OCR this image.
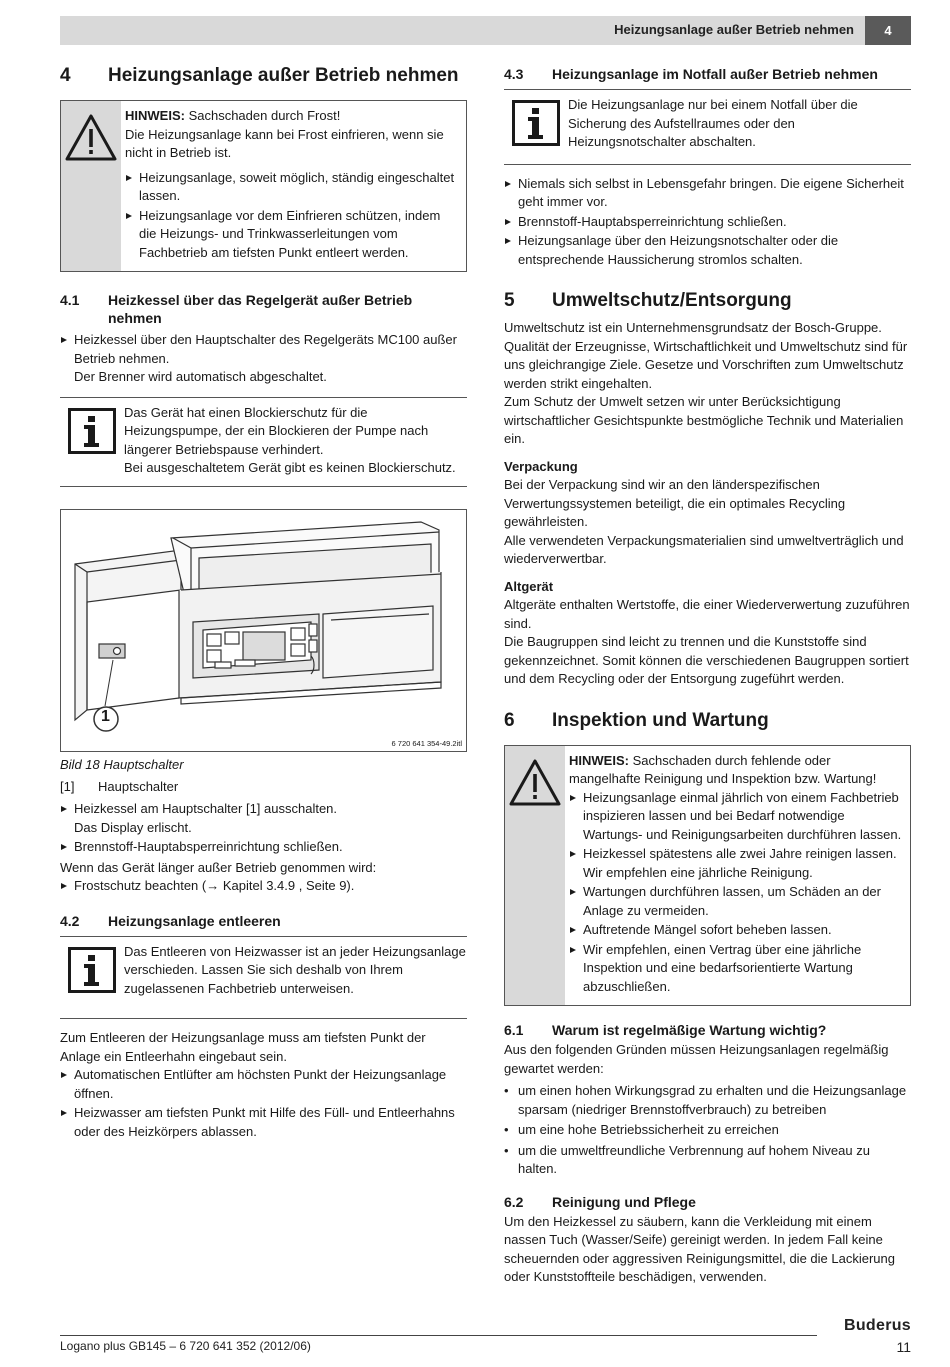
Heizungsanlage außer Betrieb nehmen	4
4	Heizungsanlage außer Betrieb nehmen

HINWEIS: Sachschaden durch Frost!

Die Heizungsanlage kann bei Frost einfrieren, wenn sie nicht in Betrieb ist.

Heizungsanlage, soweit möglich, ständig eingeschaltet lassen.
Heizungsanlage vor dem Einfrieren schützen, indem die Heizungs- und Trinkwasserleitungen vom Fachbetrieb am tiefsten Punkt entleert werden.
4.1	Heizkessel über das Regelgerät außer Betrieb nehmen
Heizkessel über den Hauptschalter des Regelgeräts MC100 außer Betrieb nehmen.
Der Brenner wird automatisch abgeschaltet.

Das Gerät hat einen Blockierschutz für die Heizungspumpe, der ein Blockieren der Pumpe nach längerer Betriebspause verhindert.

Bei ausgeschaltetem Gerät gibt es keinen Blockierschutz.

1
6 720 641 354-49.2itl
Bild 18 Hauptschalter
[1]	Hauptschalter
Heizkessel am Hauptschalter [1] ausschalten.
Das Display erlischt.
Brennstoff-Hauptabsperreinrichtung schließen.

Wenn das Gerät länger außer Betrieb genommen wird:

Frostschutz beachten (→ Kapitel 3.4.9 , Seite 9).
4.2	Heizungsanlage entleeren

Das Entleeren von Heizwasser ist an jeder Heizungsanlage verschieden. Lassen Sie sich deshalb von Ihrem zugelassenen Fachbetrieb unterweisen.

Zum Entleeren der Heizungsanlage muss am tiefsten Punkt der Anlage ein Entleerhahn eingebaut sein.

Automatischen Entlüfter am höchsten Punkt der Heizungsanlage öffnen.
Heizwasser am tiefsten Punkt mit Hilfe des Füll- und Entleerhahns oder des Heizkörpers ablassen.
4.3	Heizungsanlage im Notfall außer Betrieb nehmen

Die Heizungsanlage nur bei einem Notfall über die Sicherung des Aufstellraumes oder den Heizungsnotschalter abschalten.

Niemals sich selbst in Lebensgefahr bringen. Die eigene Sicherheit geht immer vor.
Brennstoff-Hauptabsperreinrichtung schließen.
Heizungsanlage über den Heizungsnotschalter oder die entsprechende Haussicherung stromlos schalten.
5	Umweltschutz/Entsorgung

Umweltschutz ist ein Unternehmensgrundsatz der Bosch-Gruppe. Qualität der Erzeugnisse, Wirtschaftlichkeit und Umweltschutz sind für uns gleichrangige Ziele. Gesetze und Vorschriften zum Umweltschutz werden strikt eingehalten.

Zum Schutz der Umwelt setzen wir unter Berücksichtigung wirtschaftlicher Gesichtspunkte bestmögliche Technik und Materialien ein.

Verpackung

Bei der Verpackung sind wir an den länderspezifischen Verwertungssystemen beteiligt, die ein optimales Recycling gewährleisten.

Alle verwendeten Verpackungsmaterialien sind umweltverträglich und wiederverwertbar.

Altgerät

Altgeräte enthalten Wertstoffe, die einer Wiederverwertung zuzuführen sind.

Die Baugruppen sind leicht zu trennen und die Kunststoffe sind gekennzeichnet. Somit können die verschiedenen Baugruppen sortiert und dem Recycling oder der Entsorgung zugeführt werden.

6	Inspektion und Wartung

HINWEIS: Sachschaden durch fehlende oder mangelhafte Reinigung und Inspektion bzw. Wartung!

Heizungsanlage einmal jährlich von einem Fachbetrieb inspizieren lassen und bei Bedarf notwendige Wartungs- und Reinigungsarbeiten durchführen lassen.
Heizkessel spätestens alle zwei Jahre reinigen lassen. Wir empfehlen eine jährliche Reinigung.
Wartungen durchführen lassen, um Schäden an der Anlage zu vermeiden.
Auftretende Mängel sofort beheben lassen.
Wir empfehlen, einen Vertrag über eine jährliche Inspektion und eine bedarfsorientierte Wartung abzuschließen.
6.1	Warum ist regelmäßige Wartung wichtig?

Aus den folgenden Gründen müssen Heizungsanlagen regelmäßig gewartet werden:

• um einen hohen Wirkungsgrad zu erhalten und die Heizungsanlage sparsam (niedriger Brennstoffverbrauch) zu betreiben
• um eine hohe Betriebssicherheit zu erreichen
• um die umweltfreundliche Verbrennung auf hohem Niveau zu halten.
6.2	Reinigung und Pflege

Um den Heizkessel zu säubern, kann die Verkleidung mit einem nassen Tuch (Wasser/Seife) gereinigt werden. In jedem Fall keine scheuernden oder aggressiven Reinigungsmittel, die die Lackierung oder Kunststoffteile beschädigen, verwenden.

Buderus
Logano plus GB145 – 6 720 641 352 (2012/06)	11
